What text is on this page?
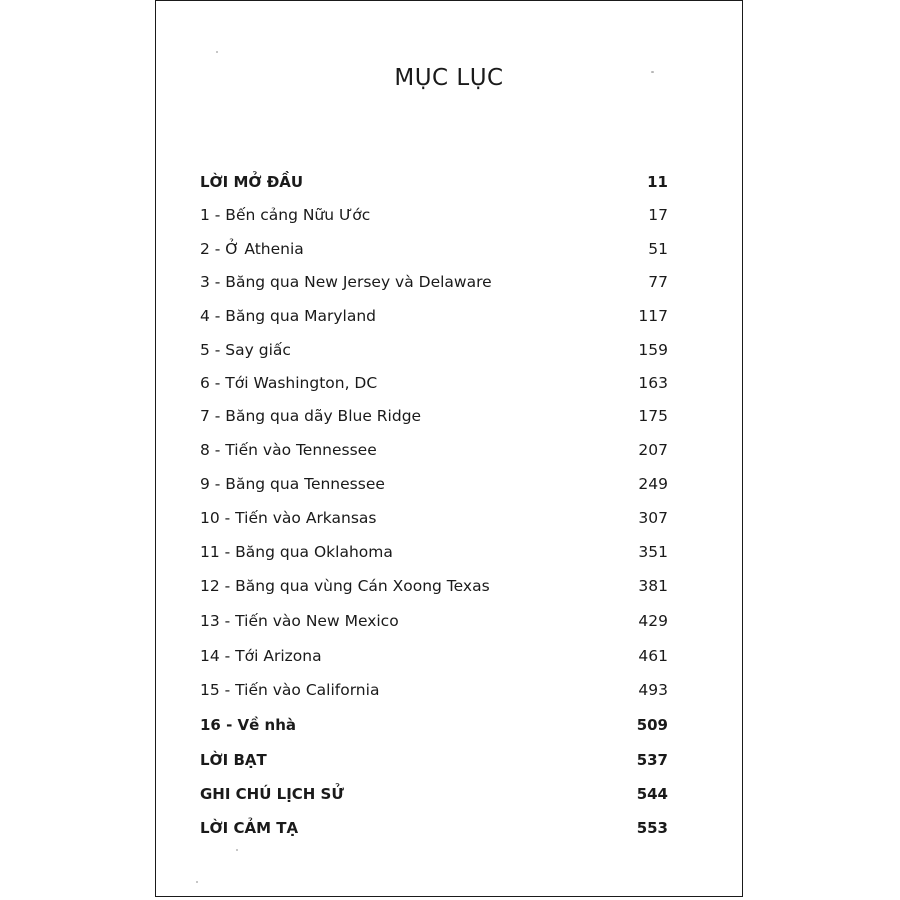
MỤC LỤC
LỜI MỞ ĐẦU	11
1 - Bến cảng Nữu Ước	17
2 - Ở Athenia	51
3 - Băng qua New Jersey và Delaware	77
4 - Băng qua Maryland	117
5 - Say giấc	159
6 - Tới Washington, DC	163
7 - Băng qua dãy Blue Ridge	175
8 - Tiến vào Tennessee	207
9 - Băng qua Tennessee	249
10 - Tiến vào Arkansas	307
11 - Băng qua Oklahoma	351
12 - Băng qua vùng Cán Xoong Texas	381
13 - Tiến vào New Mexico	429
14 - Tới Arizona	461
15 - Tiến vào California	493
16 - Về nhà	509
LỜI BẠT	537
GHI CHÚ LỊCH SỬ	544
LỜI CẢM TẠ	553
